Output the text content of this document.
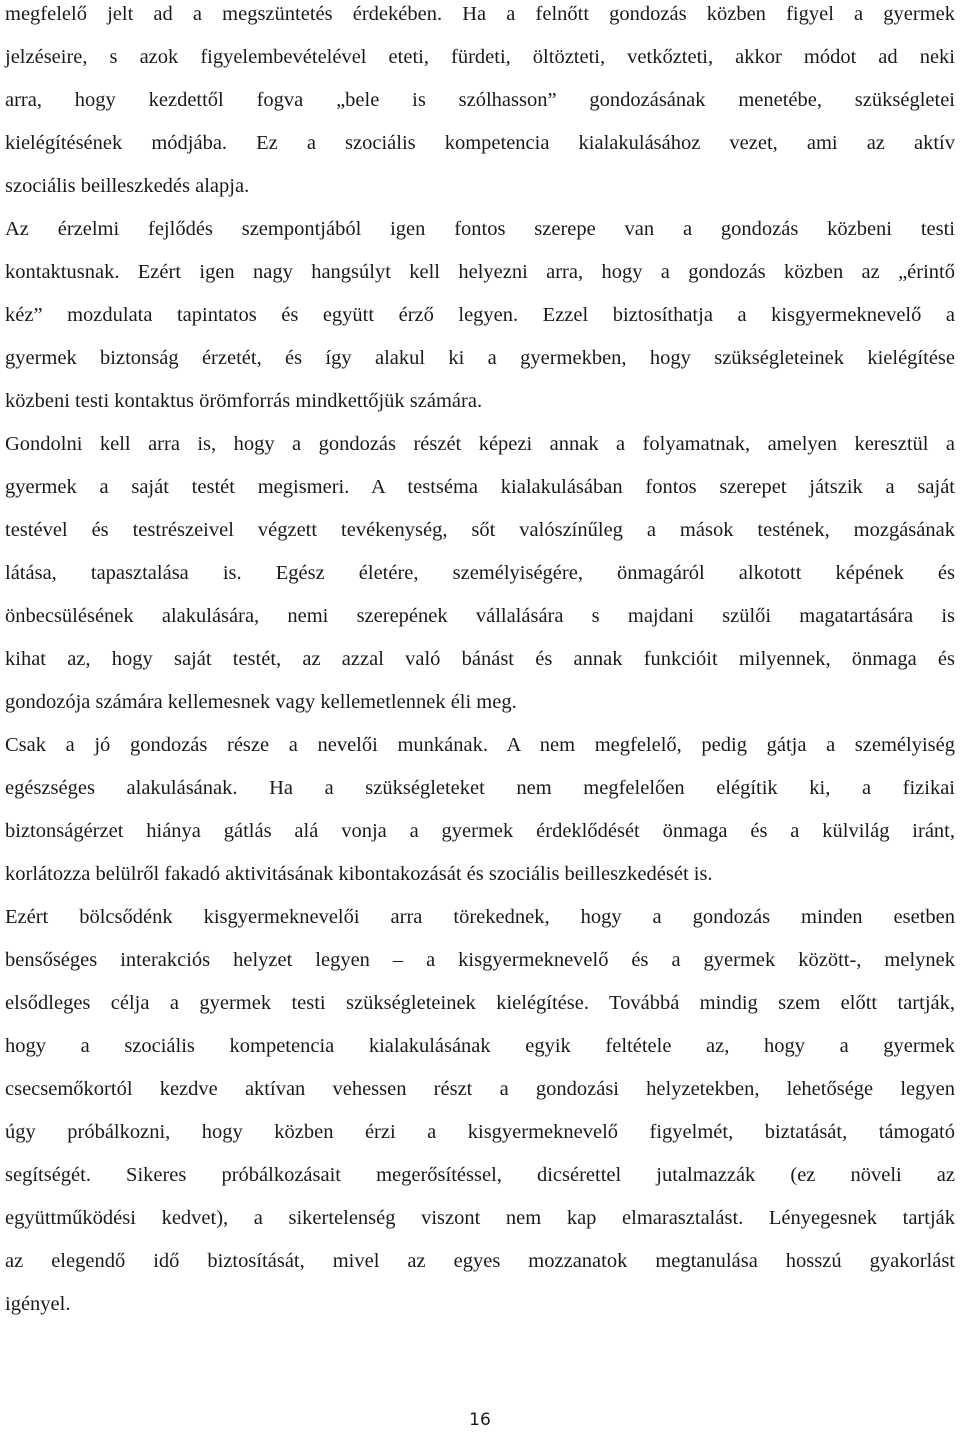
megfelelő jelt ad a megszüntetés érdekében. Ha a felnőtt gondozás közben figyel a gyermek
jelzéseire, s azok figyelembevételével eteti, fürdeti, öltözteti, vetkőzteti, akkor módot ad neki
arra, hogy kezdettől fogva „bele is szólhasson” gondozásának menetébe, szükségletei
kielégítésének módjába. Ez a szociális kompetencia kialakulásához vezet, ami az aktív
szociális beilleszkedés alapja.
Az érzelmi fejlődés szempontjából igen fontos szerepe van a gondozás közbeni testi
kontaktusnak. Ezért igen nagy hangsúlyt kell helyezni arra, hogy a gondozás közben az „érintő
kéz” mozdulata tapintatos és együtt érző legyen. Ezzel biztosíthatja a kisgyermeknevelő a
gyermek biztonság érzetét, és így alakul ki a gyermekben, hogy szükségleteinek kielégítése
közbeni testi kontaktus örömforrás mindkettőjük számára.
Gondolni kell arra is, hogy a gondozás részét képezi annak a folyamatnak, amelyen keresztül a
gyermek a saját testét megismeri. A testséma kialakulásában fontos szerepet játszik a saját
testével és testrészeivel végzett tevékenység, sőt valószínűleg a mások testének, mozgásának
látása, tapasztalása is. Egész életére, személyiségére, önmagáról alkotott képének és
önbecsülésének alakulására, nemi szerepének vállalására s majdani szülői magatartására is
kihat az, hogy saját testét, az azzal való bánást és annak funkcióit milyennek, önmaga és
gondozója számára kellemesnek vagy kellemetlennek éli meg.
Csak a jó gondozás része a nevelői munkának. A nem megfelelő, pedig gátja a személyiség
egészséges alakulásának. Ha a szükségleteket nem megfelelően elégítik ki, a fizikai
biztonságérzet hiánya gátlás alá vonja a gyermek érdeklődését önmaga és a külvilág iránt,
korlátozza belülről fakadó aktivitásának kibontakozását és szociális beilleszkedését is.
Ezért bölcsődénk kisgyermeknevelői arra törekednek, hogy a gondozás minden esetben
bensőséges interakciós helyzet legyen – a kisgyermeknevelő és a gyermek között-, melynek
elsődleges célja a gyermek testi szükségleteinek kielégítése. Továbbá mindig szem előtt tartják,
hogy a szociális kompetencia kialakulásának egyik feltétele az, hogy a gyermek
csecsemőkortól kezdve aktívan vehessen részt a gondozási helyzetekben, lehetősége legyen
úgy próbálkozni, hogy közben érzi a kisgyermeknevelő figyelmét, biztatását, támogató
segítségét. Sikeres próbálkozásait megerősítéssel, dicsérettel jutalmazzák (ez növeli az
együttműködési kedvet), a sikertelenség viszont nem kap elmarasztalást. Lényegesnek tartják
az elegendő idő biztosítását, mivel az egyes mozzanatok megtanulása hosszú gyakorlást
igényel.
16
